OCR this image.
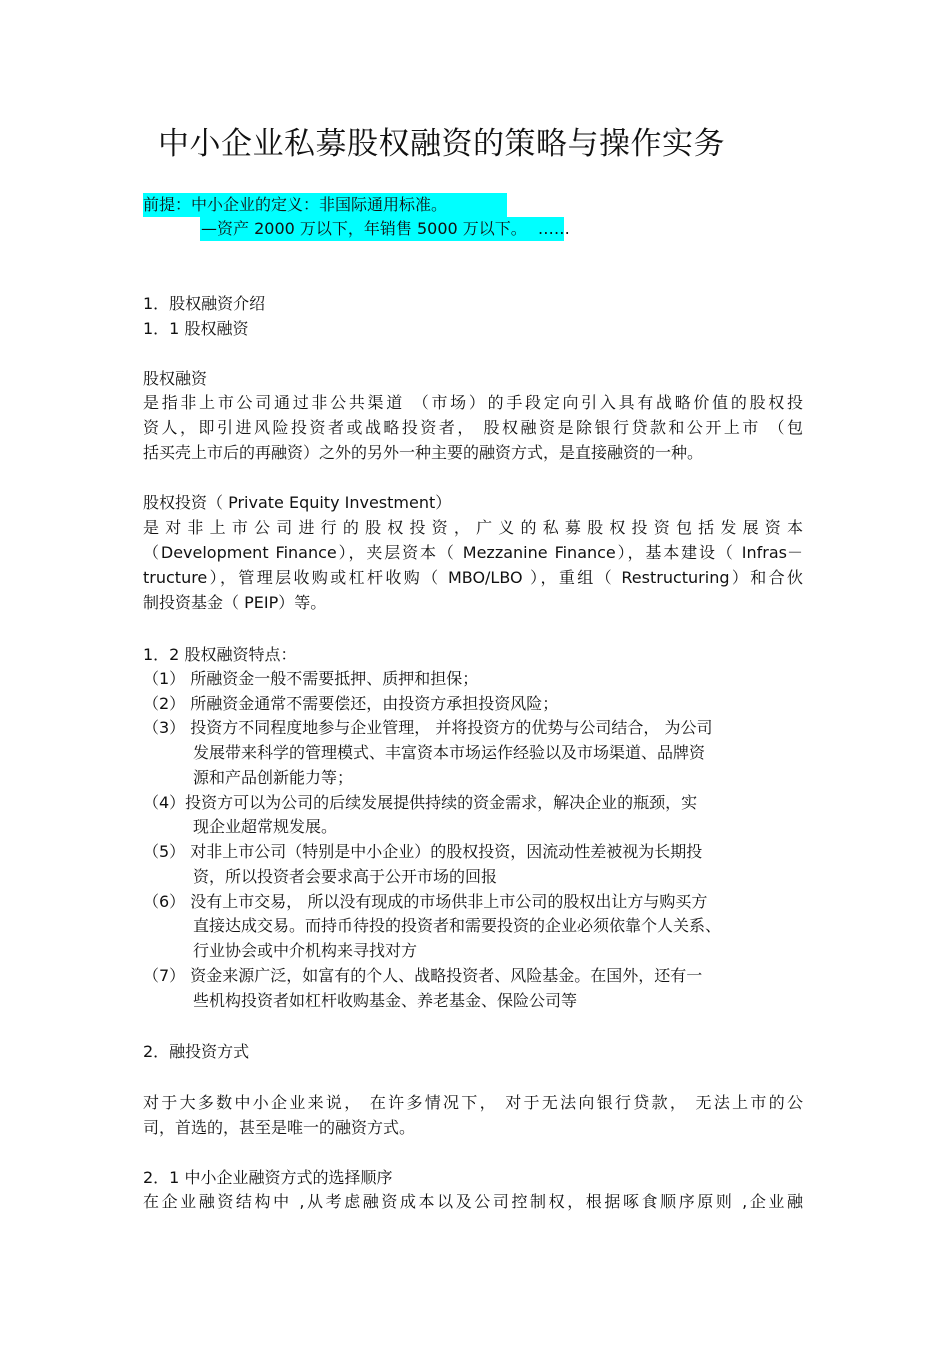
中小企业私募股权融资的策略与操作实务
前提：中小企业的定义：非国际通用标准。
—资产 2000 万以下，年销售 5000 万以下。 ……
1．股权融资介绍
1．1 股权融资
股权融资
是指非上市公司通过非公共渠道 （市场）的手段定向引入具有战略价值的股权投
资人，即引进风险投资者或战略投资者， 股权融资是除银行贷款和公开上市 （包
括买壳上市后的再融资）之外的另外一种主要的融资方式，是直接融资的一种。
股权投资（ Private Equity Investment）
是对非上市公司进行的股权投资，广义的私募股权投资包括发展资本
（Development Finance），夹层资本（ Mezzanine Finance），基本建设（ Infras－
tructure），管理层收购或杠杆收购（ MBO/LBO ），重组（ Restructuring）和合伙
制投资基金（ PEIP）等。
1．2 股权融资特点：
（1） 所融资金一般不需要抵押、质押和担保；
（2） 所融资金通常不需要偿还，由投资方承担投资风险；
（3） 投资方不同程度地参与企业管理， 并将投资方的优势与公司结合， 为公司
发展带来科学的管理模式、丰富资本市场运作经验以及市场渠道、品牌资
源和产品创新能力等；
（4）投资方可以为公司的后续发展提供持续的资金需求，解决企业的瓶颈，实
现企业超常规发展。
（5） 对非上市公司（特别是中小企业）的股权投资，因流动性差被视为长期投
资，所以投资者会要求高于公开市场的回报
（6） 没有上市交易， 所以没有现成的市场供非上市公司的股权出让方与购买方
直接达成交易。而持币待投的投资者和需要投资的企业必须依靠个人关系、
行业协会或中介机构来寻找对方
（7） 资金来源广泛，如富有的个人、战略投资者、风险基金。在国外，还有一
些机构投资者如杠杆收购基金、养老基金、保险公司等
2．融投资方式
对于大多数中小企业来说， 在许多情况下， 对于无法向银行贷款， 无法上市的公
司，首选的，甚至是唯一的融资方式。
2．1 中小企业融资方式的选择顺序
在企业融资结构中 ,从考虑融资成本以及公司控制权，根据啄食顺序原则 ,企业融
